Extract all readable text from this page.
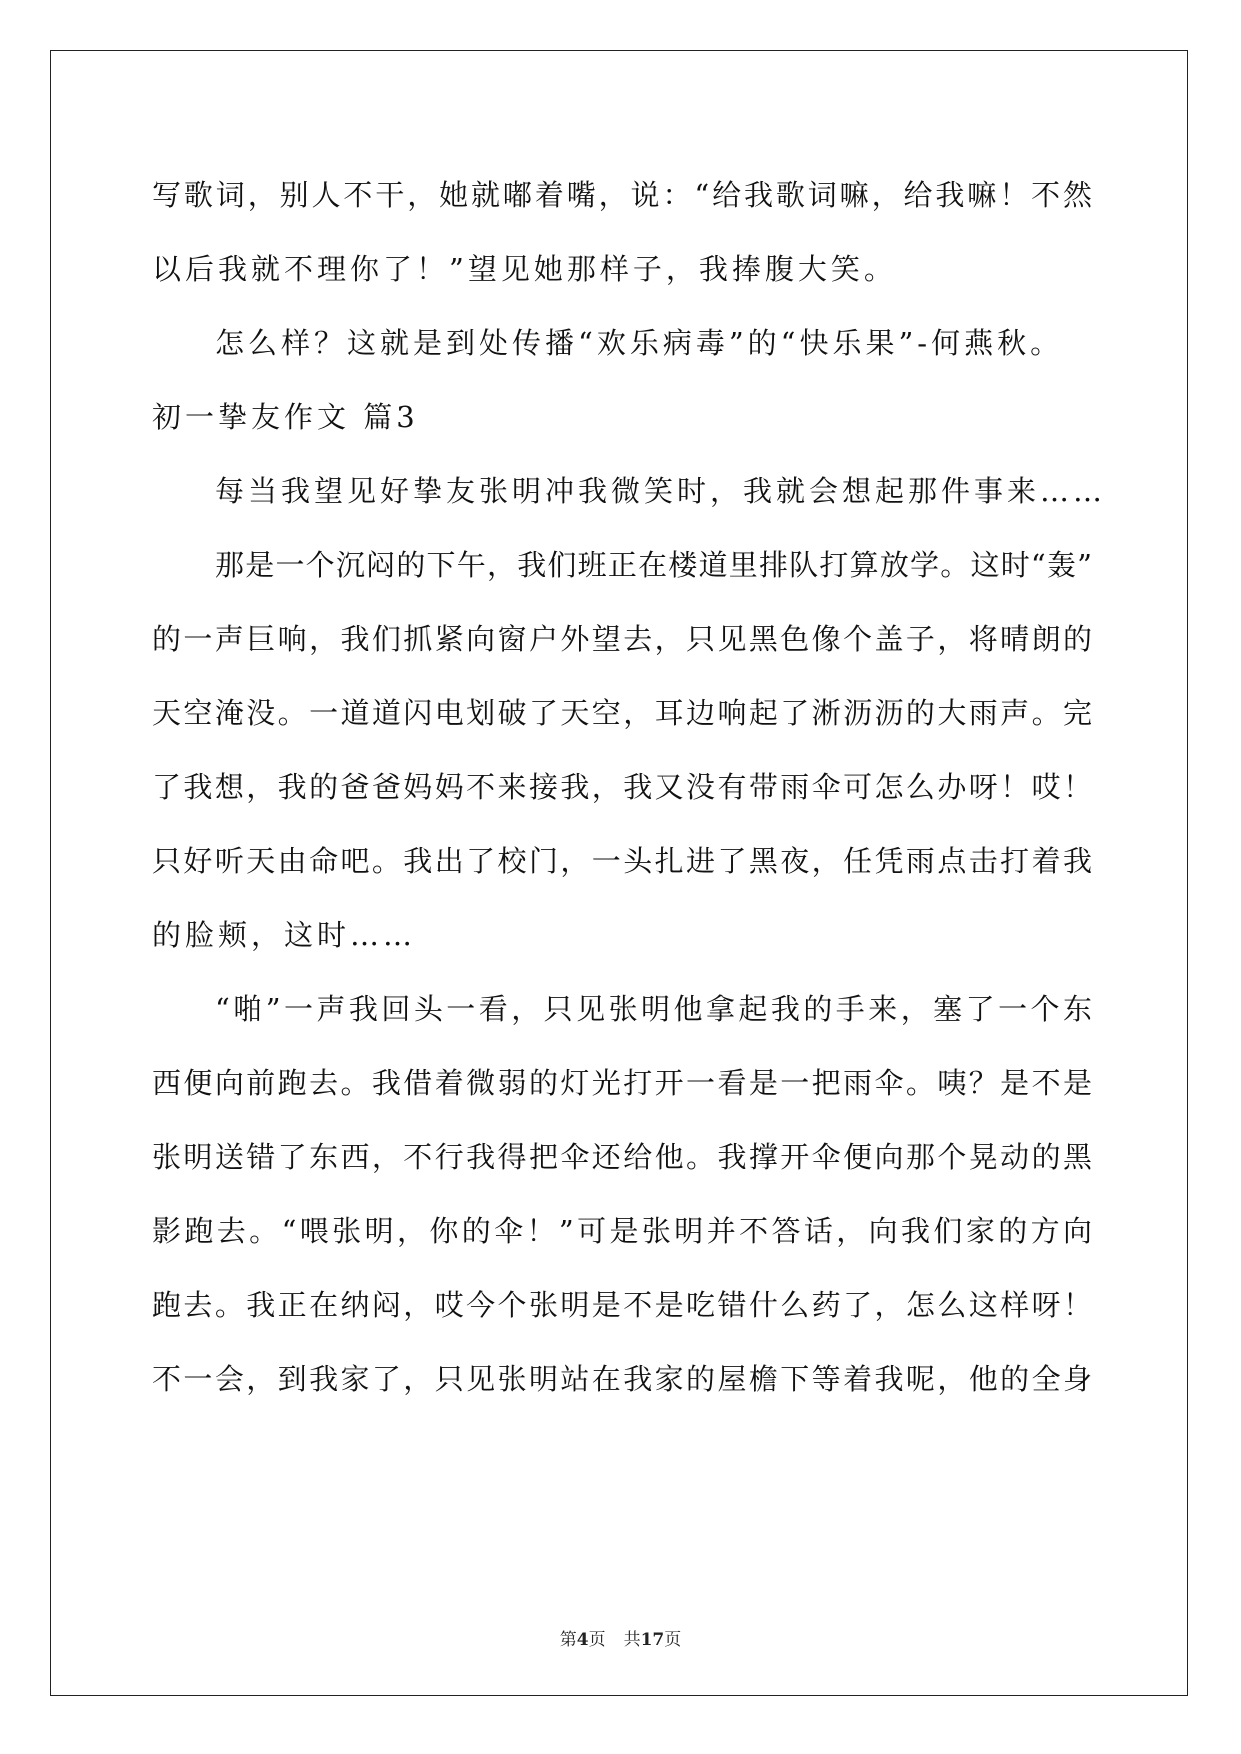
写歌词，别人不干，她就嘟着嘴，说：“给我歌词嘛，给我嘛！不然
以后我就不理你了！”望见她那样子，我捧腹大笑。
怎么样？这就是到处传播“欢乐病毒”的“快乐果”-何燕秋。
初一挚友作文 篇3
每当我望见好挚友张明冲我微笑时，我就会想起那件事来……
那是一个沉闷的下午，我们班正在楼道里排队打算放学。这时“轰”
的一声巨响，我们抓紧向窗户外望去，只见黑色像个盖子，将晴朗的
天空淹没。一道道闪电划破了天空，耳边响起了淅沥沥的大雨声。完
了我想，我的爸爸妈妈不来接我，我又没有带雨伞可怎么办呀！哎！
只好听天由命吧。我出了校门，一头扎进了黑夜，任凭雨点击打着我
的脸颊，这时……
“啪”一声我回头一看，只见张明他拿起我的手来，塞了一个东
西便向前跑去。我借着微弱的灯光打开一看是一把雨伞。咦？是不是
张明送错了东西，不行我得把伞还给他。我撑开伞便向那个晃动的黑
影跑去。“喂张明，你的伞！”可是张明并不答话，向我们家的方向
跑去。我正在纳闷，哎今个张明是不是吃错什么药了，怎么这样呀！
不一会，到我家了，只见张明站在我家的屋檐下等着我呢，他的全身
第4页 共17页
